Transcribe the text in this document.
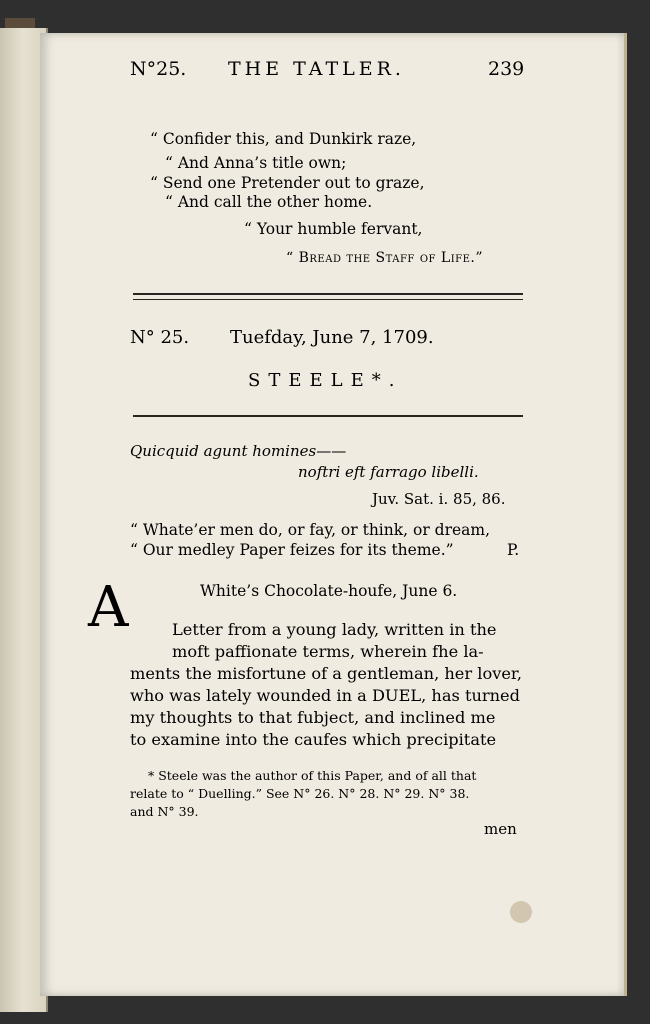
N°25. THE TATLER.	239
“ Confider this, and Dunkirk raze,
“ And Anna’s title own;
“ Send one Pretender out to graze,
“ And call the other home.
“ Your humble fervant,
“ Bread the Staff of Life.”
N° 25. Tuefday, June 7, 1709.
STEELE*.
Quicquid agunt homines——
noftri eft farrago libelli.
Juv. Sat. i. 85, 86.
“ Whate’er men do, or fay, or think, or dream,
“ Our medley Paper feizes for its theme.”	P.
White’s Chocolate-houfe, June 6.
A	Letter from a young lady, written in the
moft paffionate terms, wherein fhe la-
ments the misfortune of a gentleman, her lover,
who was lately wounded in a DUEL, has turned
my thoughts to that fubject, and inclined me
to examine into the caufes which precipitate
* Steele was the author of this Paper, and of all that
relate to “ Duelling.” See N° 26. N° 28. N° 29. N° 38.
and N° 39.
men
